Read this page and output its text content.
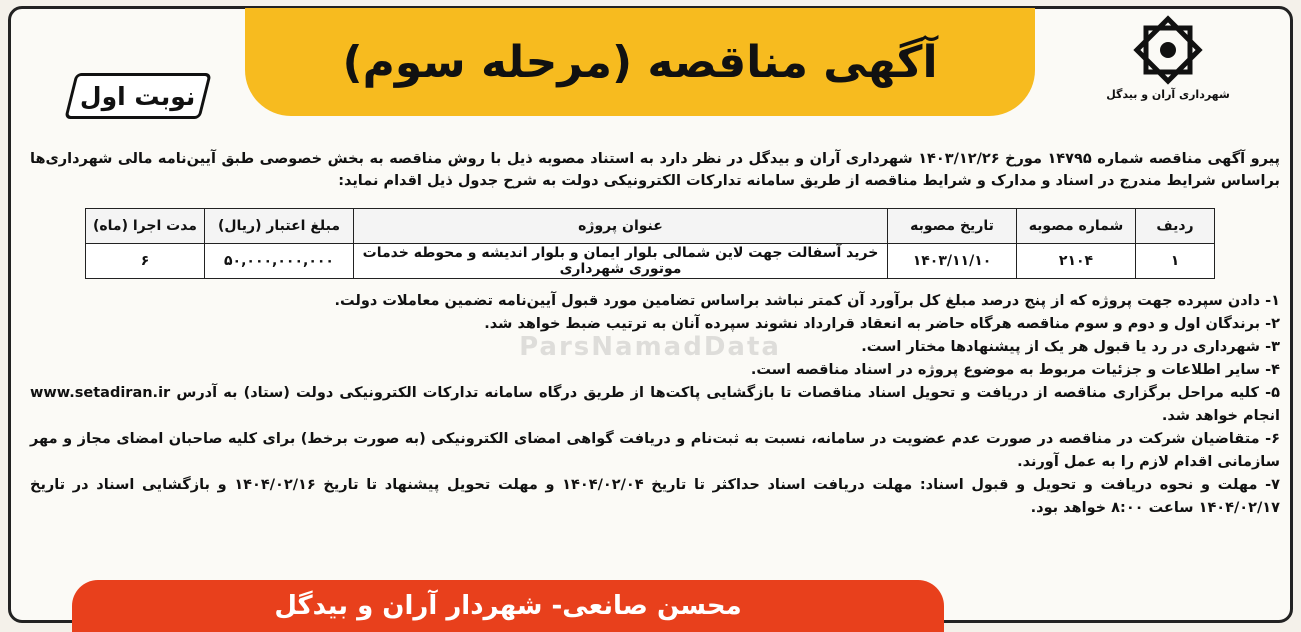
آگهی مناقصه (مرحله سوم)
شهرداری آران و بیدگل
نوبت اول
پیرو آگهی مناقصه شماره ۱۴۷۹۵ مورخ ۱۴۰۳/۱۲/۲۶ شهرداری آران و بیدگل در نظر دارد به استناد مصوبه ذیل با روش مناقصه به بخش خصوصی طبق آیین‌نامه مالی شهرداری‌ها براساس شرایط مندرج در اسناد و مدارک و شرایط مناقصه از طریق سامانه تدارکات الکترونیکی دولت به شرح جدول ذیل اقدام نماید:
ردیف	شماره مصوبه	تاریخ مصوبه	عنوان پروژه	مبلغ اعتبار (ریال)	مدت اجرا (ماه)
۱	۲۱۰۴	۱۴۰۳/۱۱/۱۰	خرید آسفالت جهت لاین شمالی بلوار ایمان و بلوار اندیشه و محوطه خدمات موتوری شهرداری	۵۰,۰۰۰,۰۰۰,۰۰۰	۶

۱- دادن سپرده جهت پروژه که از پنج درصد مبلغ کل برآورد آن کمتر نباشد براساس تضامین مورد قبول آیین‌نامه تضمین معاملات دولت.

۲- برندگان اول و دوم و سوم مناقصه هرگاه حاضر به انعقاد قرارداد نشوند سپرده آنان به ترتیب ضبط خواهد شد.

۳- شهرداری در رد یا قبول هر یک از پیشنهادها مختار است.

۴- سایر اطلاعات و جزئیات مربوط به موضوع پروژه در اسناد مناقصه است.

۵- کلیه مراحل برگزاری مناقصه از دریافت و تحویل اسناد مناقصات تا بازگشایی پاکت‌ها از طریق درگاه سامانه تدارکات الکترونیکی دولت (ستاد) به آدرس www.setadiran.ir انجام خواهد شد.

۶- متقاضیان شرکت در مناقصه در صورت عدم عضویت در سامانه، نسبت به ثبت‌نام و دریافت گواهی امضای الکترونیکی (به صورت برخط) برای کلیه صاحبان امضای مجاز و مهر سازمانی اقدام لازم را به عمل آورند.

۷- مهلت و نحوه دریافت و تحویل و قبول اسناد: مهلت دریافت اسناد حداکثر تا تاریخ ۱۴۰۴/۰۲/۰۴ و مهلت تحویل پیشنهاد تا تاریخ ۱۴۰۴/۰۲/۱۶ و بازگشایی اسناد در تاریخ ۱۴۰۴/۰۲/۱۷ ساعت ۸:۰۰ خواهد بود.

ParsNamadData
محسن صانعی- شهردار آران و بیدگل
